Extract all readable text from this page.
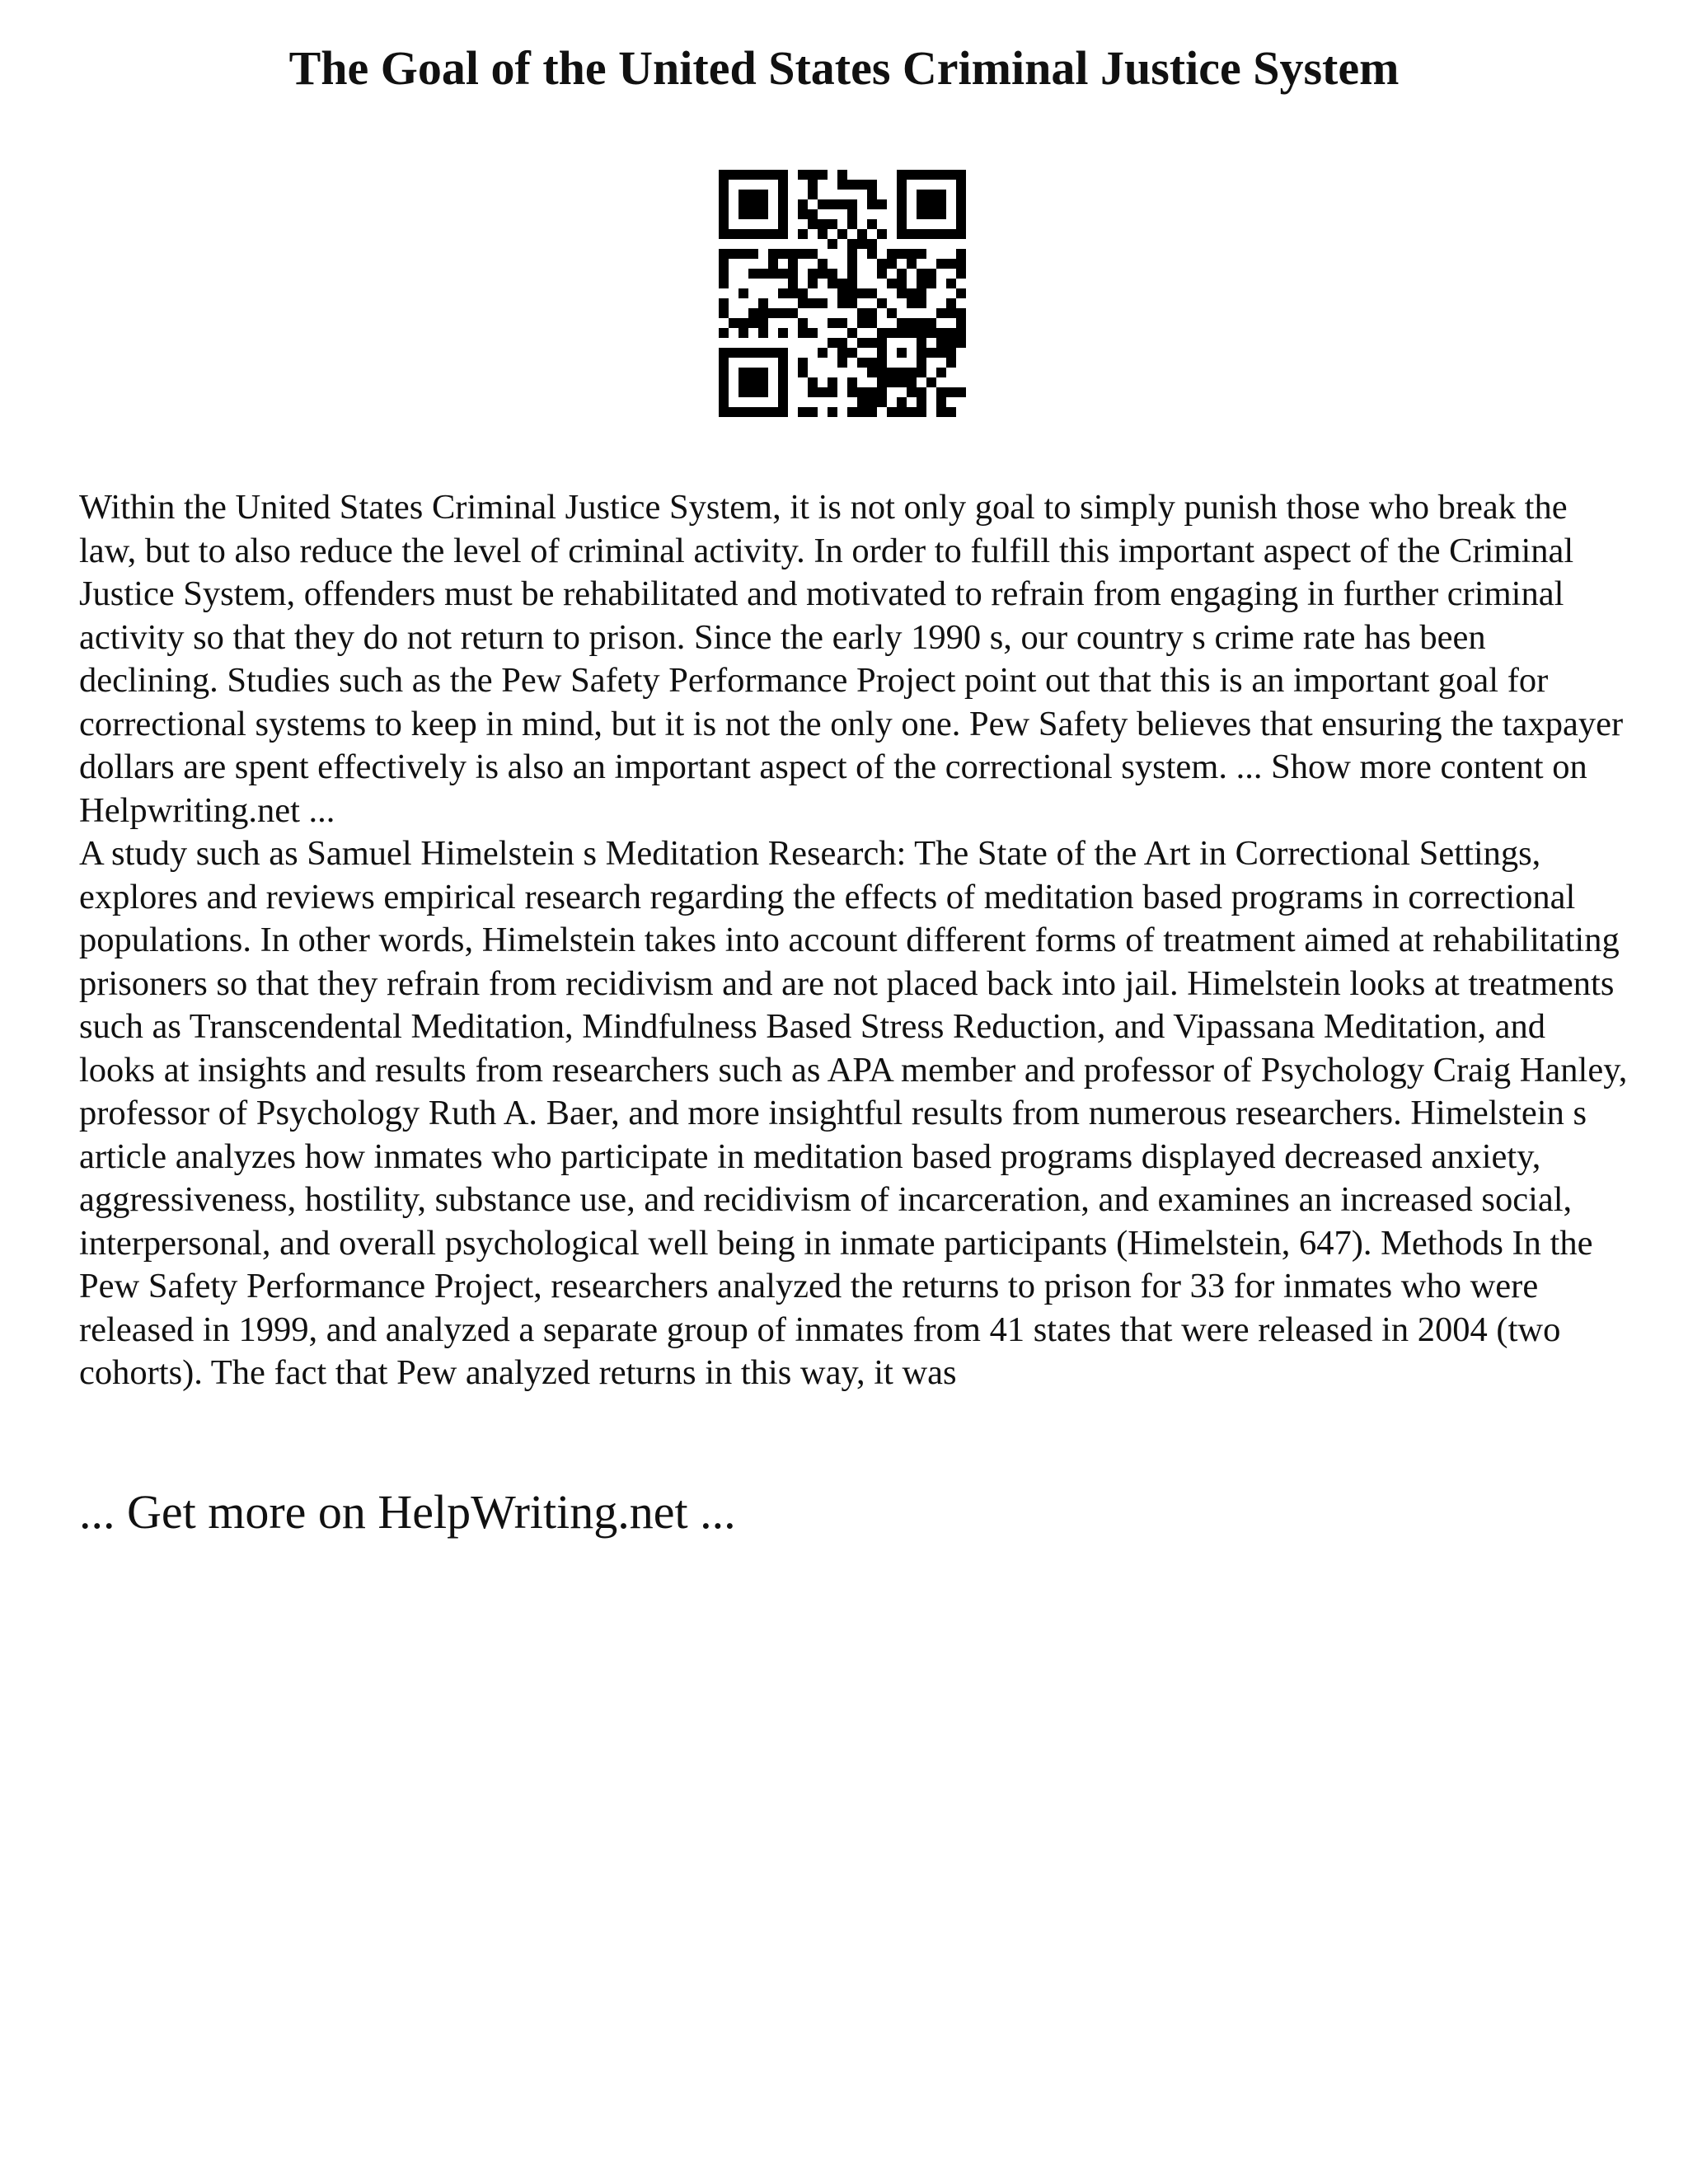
The Goal of the United States Criminal Justice System

Within the United States Criminal Justice System, it is not only goal to simply punish those who break the law, but to also reduce the level of criminal activity. In order to fulfill this important aspect of the Criminal Justice System, offenders must be rehabilitated and motivated to refrain from engaging in further criminal activity so that they do not return to prison. Since the early 1990 s, our country s crime rate has been declining. Studies such as the Pew Safety Performance Project point out that this is an important goal for correctional systems to keep in mind, but it is not the only one. Pew Safety believes that ensuring the taxpayer dollars are spent effectively is also an important aspect of the correctional system. ... Show more content on Helpwriting.net ...

A study such as Samuel Himelstein s Meditation Research: The State of the Art in Correctional Settings, explores and reviews empirical research regarding the effects of meditation based programs in correctional populations. In other words, Himelstein takes into account different forms of treatment aimed at rehabilitating prisoners so that they refrain from recidivism and are not placed back into jail. Himelstein looks at treatments such as Transcendental Meditation, Mindfulness Based Stress Reduction, and Vipassana Meditation, and looks at insights and results from researchers such as APA member and professor of Psychology Craig Hanley, professor of Psychology Ruth A. Baer, and more insightful results from numerous researchers. Himelstein s article analyzes how inmates who participate in meditation based programs displayed decreased anxiety, aggressiveness, hostility, substance use, and recidivism of incarceration, and examines an increased social, interpersonal, and overall psychological well being in inmate participants (Himelstein, 647). Methods In the Pew Safety Performance Project, researchers analyzed the returns to prison for 33 for inmates who were released in 1999, and analyzed a separate group of inmates from 41 states that were released in 2004 (two cohorts). The fact that Pew analyzed returns in this way, it was

... Get more on HelpWriting.net ...
